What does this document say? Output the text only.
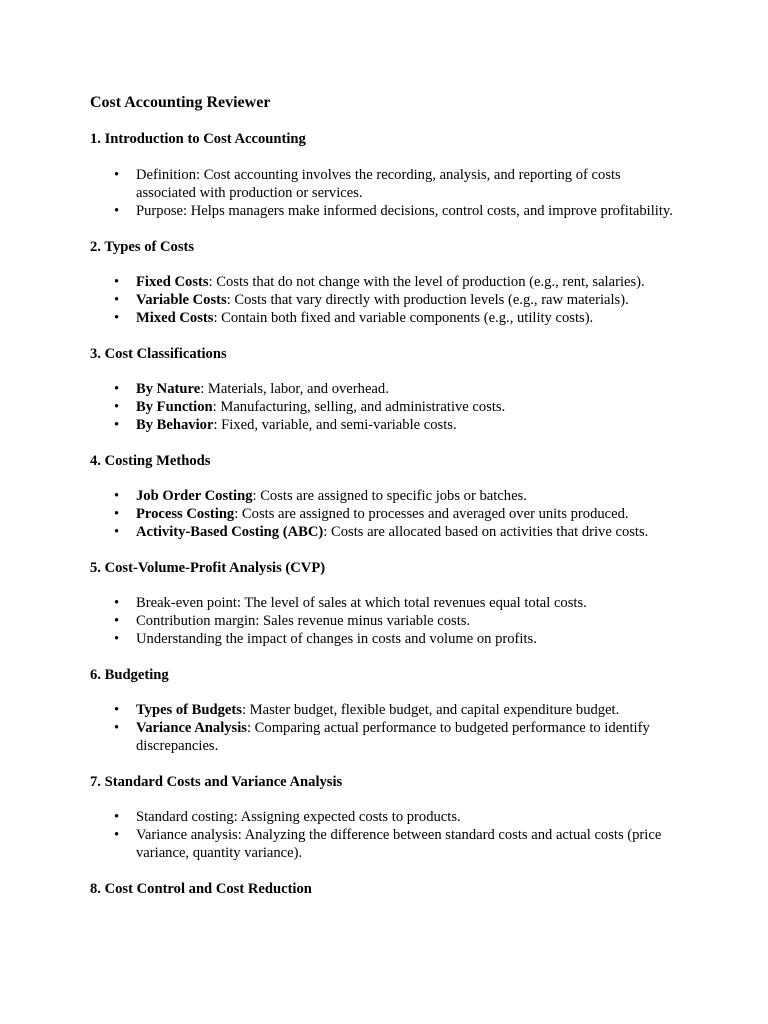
Cost Accounting Reviewer
1. Introduction to Cost Accounting
• Definition: Cost accounting involves the recording, analysis, and reporting of costs associated with production or services.
• Purpose: Helps managers make informed decisions, control costs, and improve profitability.
2. Types of Costs
• Fixed Costs: Costs that do not change with the level of production (e.g., rent, salaries).
• Variable Costs: Costs that vary directly with production levels (e.g., raw materials).
• Mixed Costs: Contain both fixed and variable components (e.g., utility costs).
3. Cost Classifications
• By Nature: Materials, labor, and overhead.
• By Function: Manufacturing, selling, and administrative costs.
• By Behavior: Fixed, variable, and semi-variable costs.
4. Costing Methods
• Job Order Costing: Costs are assigned to specific jobs or batches.
• Process Costing: Costs are assigned to processes and averaged over units produced.
• Activity-Based Costing (ABC): Costs are allocated based on activities that drive costs.
5. Cost-Volume-Profit Analysis (CVP)
• Break-even point: The level of sales at which total revenues equal total costs.
• Contribution margin: Sales revenue minus variable costs.
• Understanding the impact of changes in costs and volume on profits.
6. Budgeting
• Types of Budgets: Master budget, flexible budget, and capital expenditure budget.
• Variance Analysis: Comparing actual performance to budgeted performance to identify discrepancies.
7. Standard Costs and Variance Analysis
• Standard costing: Assigning expected costs to products.
• Variance analysis: Analyzing the difference between standard costs and actual costs (price variance, quantity variance).
8. Cost Control and Cost Reduction
